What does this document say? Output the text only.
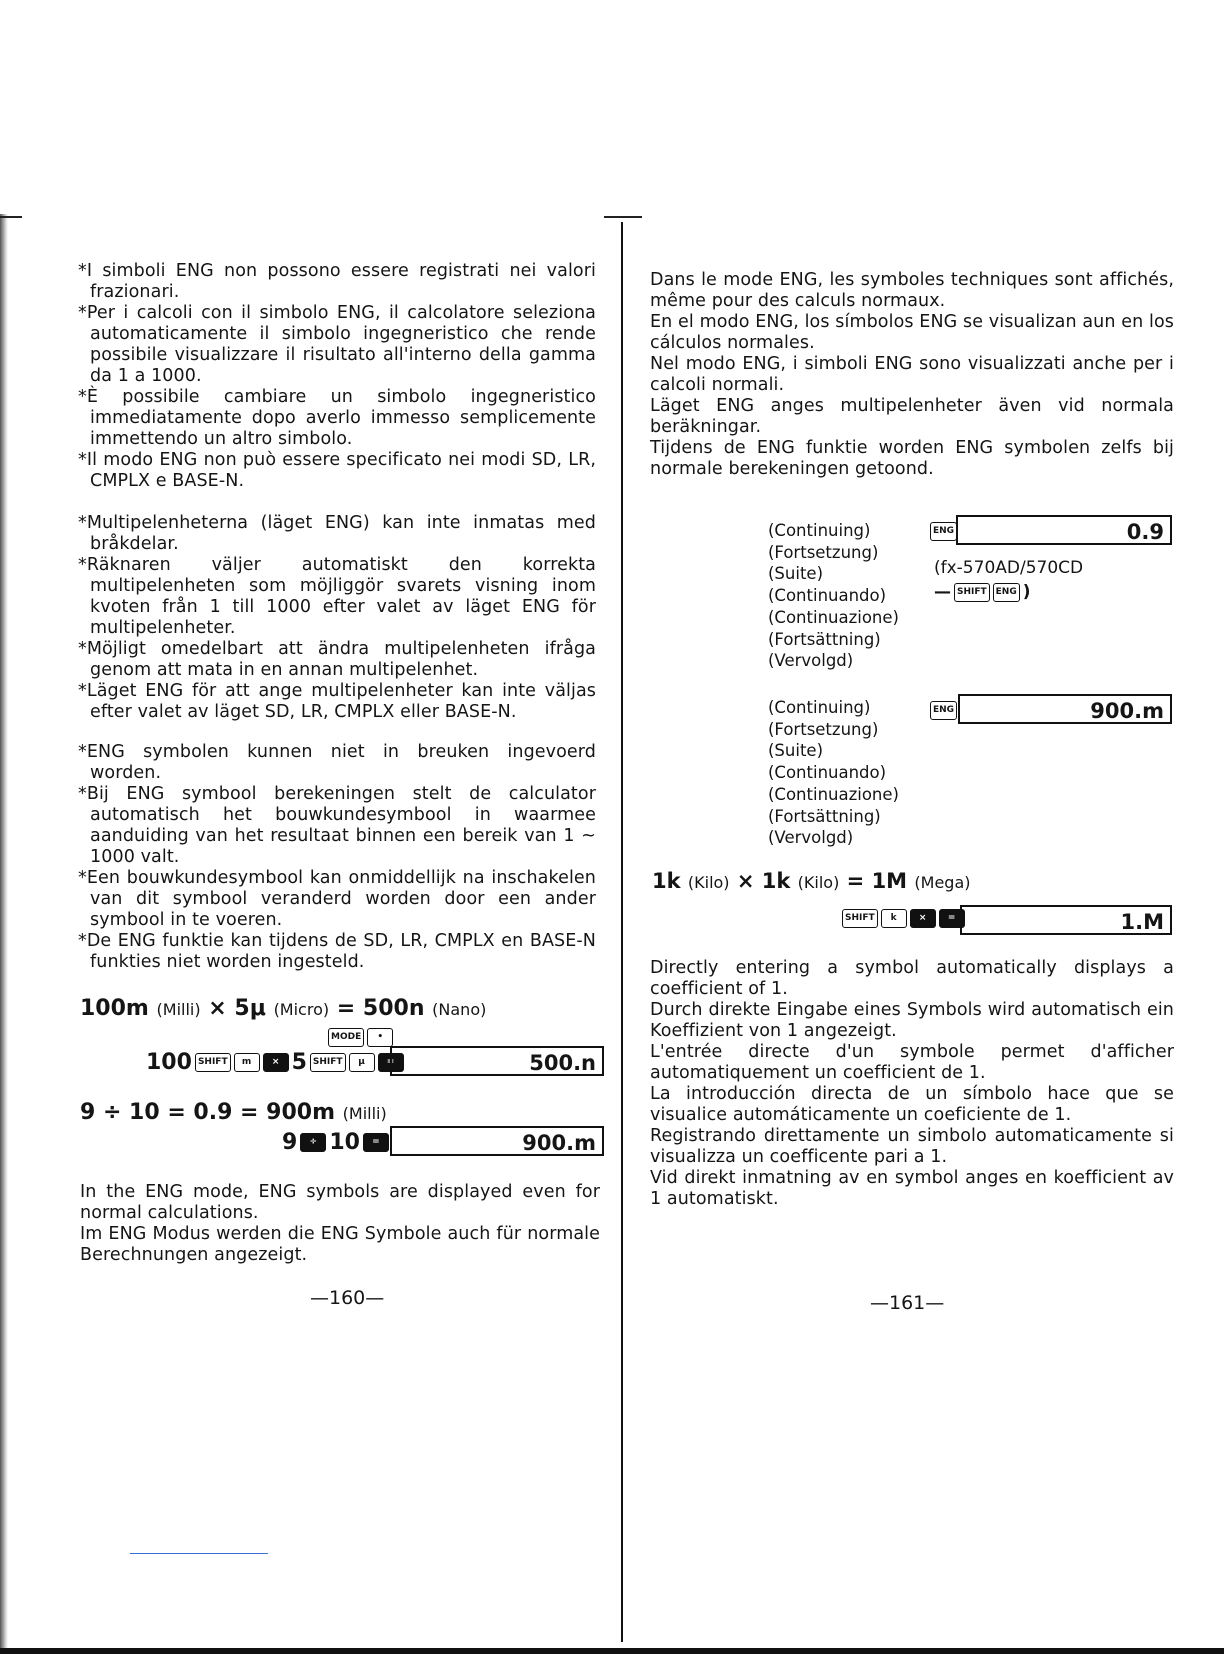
*I simboli ENG non possono essere registrati nei valori frazionari.

*Per i calcoli con il simbolo ENG, il calcolatore seleziona automaticamente il simbolo ingegneristico che rende possibile visualizzare il risultato all'interno della gamma da 1 a 1000.

*È possibile cambiare un simbolo ingegneristico immediatamente dopo averlo immesso semplicemente immettendo un altro simbolo.

*Il modo ENG non può essere specificato nei modi SD, LR, CMPLX e BASE-N.

*Multipelenheterna (läget ENG) kan inte inmatas med bråkdelar.

*Räknaren väljer automatiskt den korrekta multipelenheten som möjliggör svarets visning inom kvoten från 1 till 1000 efter valet av läget ENG för multipelenheter.

*Möjligt omedelbart att ändra multipelenheten ifråga genom att mata in en annan multipelenhet.

*Läget ENG för att ange multipelenheter kan inte väljas efter valet av läget SD, LR, CMPLX eller BASE-N.

*ENG symbolen kunnen niet in breuken ingevoerd worden.

*Bij ENG symbool berekeningen stelt de calculator automatisch het bouwkundesymbool in waarmee aanduiding van het resultaat binnen een bereik van 1 ~ 1000 valt.

*Een bouwkundesymbool kan onmiddellijk na inschakelen van dit symbool veranderd worden door een ander symbool in te voeren.

*De ENG funktie kan tijdens de SD, LR, CMPLX en BASE-N funkties niet worden ingesteld.

100m (Milli) × 5μ (Micro) = 500n (Nano)
MODE	•
100 SHIFT	m	× 5 SHIFT	μ	=	500.n
9 ÷ 10 = 0.9 = 900m (Milli)
9	÷ 10	=	900.m

In the ENG mode, ENG symbols are displayed even for normal calculations.

Im ENG Modus werden die ENG Symbole auch für normale Berechnungen angezeigt.

—160—

Dans le mode ENG, les symboles techniques sont affichés, même pour des calculs normaux.

En el modo ENG, los símbolos ENG se visualizan aun en los cálculos normales.

Nel modo ENG, i simboli ENG sono visualizzati anche per i calcoli normali.

Läget ENG anges multipelenheter även vid normala beräkningar.

Tijdens de ENG funktie worden ENG symbolen zelfs bij normale berekeningen getoond.

(Continuing)
(Fortsetzung)
(Suite)
(Continuando)
(Continuazione)
(Fortsättning)
(Vervolgd)
ENG	0.9
(fx-570AD/570CD
— SHIFT	ENG )
(Continuing)
(Fortsetzung)
(Suite)
(Continuando)
(Continuazione)
(Fortsättning)
(Vervolgd)
ENG	900.m
1k (Kilo) × 1k (Kilo) = 1M (Mega)
SHIFT	k	×	=	1.M

Directly entering a symbol automatically displays a coefficient of 1.

Durch direkte Eingabe eines Symbols wird automatisch ein Koeffizient von 1 angezeigt.

L'entrée directe d'un symbole permet d'afficher automatiquement un coefficient de 1.

La introducción directa de un símbolo hace que se visualice automáticamente un coeficiente de 1.

Registrando direttamente un simbolo automaticamente si visualizza un coefficente pari a 1.

Vid direkt inmatning av en symbol anges en koefficient av 1 automatiskt.

—161—
